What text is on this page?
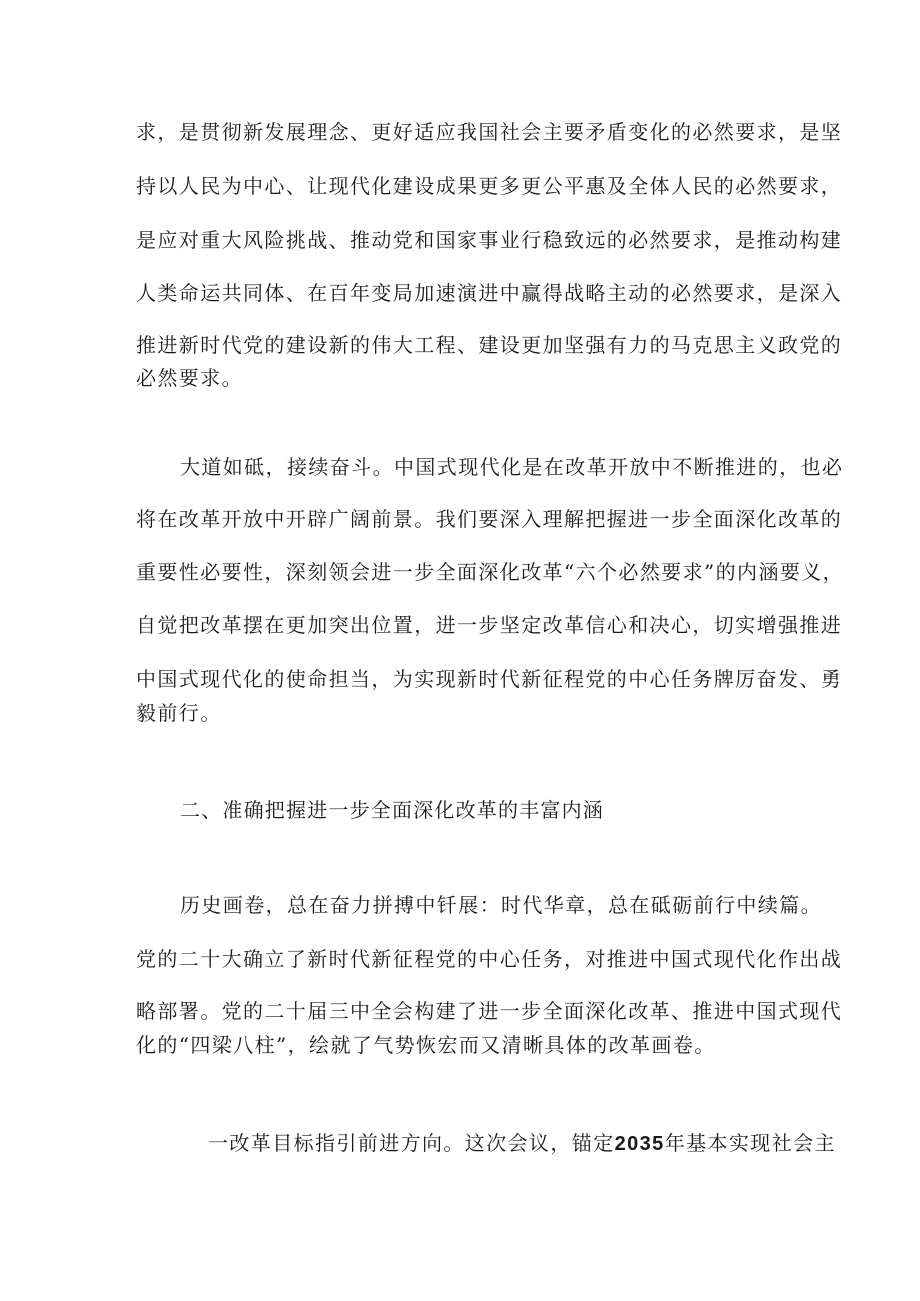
求，是贯彻新发展理念、更好适应我国社会主要矛盾变化的必然要求，是坚
持以人民为中心、让现代化建设成果更多更公平惠及全体人民的必然要求，
是应对重大风险挑战、推动党和国家事业行稳致远的必然要求，是推动构建
人类命运共同体、在百年变局加速演进中赢得战略主动的必然要求，是深入
推进新时代党的建设新的伟大工程、建设更加坚强有力的马克思主义政党的
必然要求。
大道如砥，接续奋斗。中国式现代化是在改革开放中不断推进的，也必
将在改革开放中开辟广阔前景。我们要深入理解把握进一步全面深化改革的
重要性必要性，深刻领会进一步全面深化改革“六个必然要求”的内涵要义，
自觉把改革摆在更加突出位置，进一步坚定改革信心和决心，切实增强推进
中国式现代化的使命担当，为实现新时代新征程党的中心任务牌厉奋发、勇
毅前行。
二、准确把握进一步全面深化改革的丰富内涵
历史画卷，总在奋力拼搏中钎展：时代华章，总在砥砺前行中续篇。
党的二十大确立了新时代新征程党的中心任务，对推进中国式现代化作出战
略部署。党的二十届三中全会构建了进一步全面深化改革、推进中国式现代
化的“四梁八柱”，绘就了气势恢宏而又清晰具体的改革画卷。
一改革目标指引前进方向。这次会议，锚定2035年基本实现社会主
